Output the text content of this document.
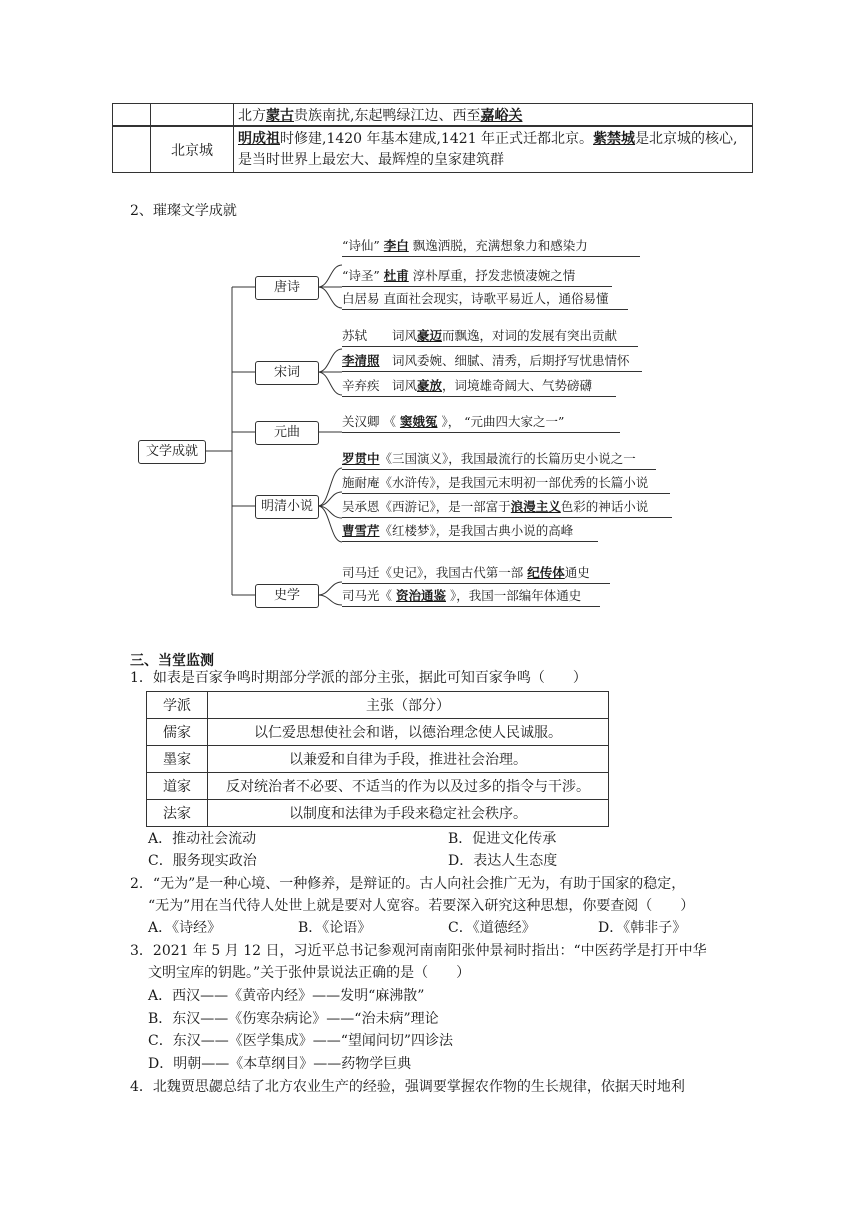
		北方蒙古贵族南扰,东起鸭绿江边、西至嘉峪关
	北京城	明成祖时修建,1420 年基本建成,1421 年正式迁都北京。紫禁城是北京城的核心,
是当时世界上最宏大、最辉煌的皇家建筑群
2、璀璨文学成就
文学成就
唐诗
宋词
元曲
明清小说
史学
“诗仙” 李白 飘逸洒脱，充满想象力和感染力
“诗圣” 杜甫 淳朴厚重，抒发悲愤凄婉之情
白居易 直面社会现实，诗歌平易近人，通俗易懂
苏轼　　词风豪迈而飘逸，对词的发展有突出贡献
李清照　词风委婉、细腻、清秀，后期抒写忧患情怀
辛弃疾　词风豪放，词境雄奇阔大、气势磅礴
关汉卿 《 窦娥冤 》， “元曲四大家之一”
罗贯中《三国演义》，我国最流行的长篇历史小说之一
施耐庵《水浒传》，是我国元末明初一部优秀的长篇小说
吴承恩《西游记》，是一部富于浪漫主义色彩的神话小说
曹雪芹《红楼梦》，是我国古典小说的高峰
司马迁《史记》，我国古代第一部 纪传体通史
司马光《 资治通鉴 》，我国一部编年体通史
三、当堂监测
1．如表是百家争鸣时期部分学派的部分主张，据此可知百家争鸣（　　）
学派	主张（部分）
儒家	以仁爱思想使社会和谐，以德治理念使人民诚服。
墨家	以兼爱和自律为手段，推进社会治理。
道家	反对统治者不必要、不适当的作为以及过多的指令与干涉。
法家	以制度和法律为手段来稳定社会秩序。
A．推动社会流动	B．促进文化传承
C．服务现实政治	D．表达人生态度
2．“无为”是一种心境、一种修养，是辩证的。古人向社会推广无为，有助于国家的稳定，
“无为”用在当代待人处世上就是要对人宽容。若要深入研究这种思想，你要查阅（　　）
A．《诗经》	B．《论语》	C．《道德经》	D．《韩非子》
3．2021 年 5 月 12 日，习近平总书记参观河南南阳张仲景祠时指出：“中医药学是打开中华
文明宝库的钥匙。”关于张仲景说法正确的是（　　）
A．西汉——《黄帝内经》——发明“麻沸散”
B．东汉——《伤寒杂病论》——“治未病”理论
C．东汉——《医学集成》——“望闻问切”四诊法
D．明朝——《本草纲目》——药物学巨典
4．北魏贾思勰总结了北方农业生产的经验，强调要掌握农作物的生长规律，依据天时地利
